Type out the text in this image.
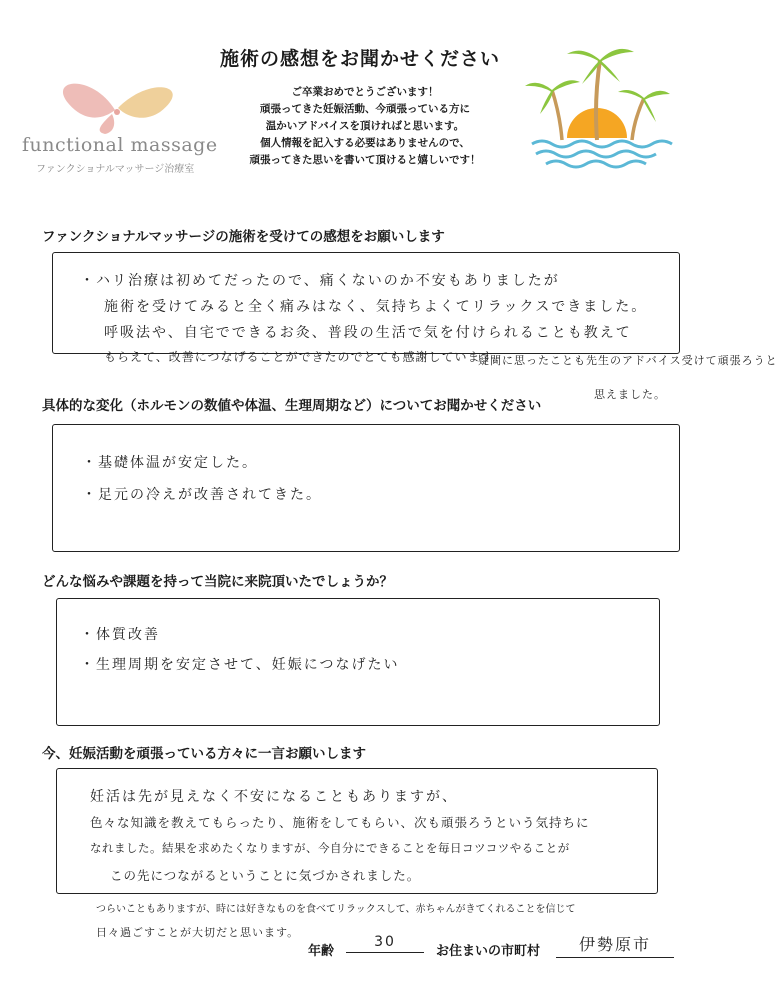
施術の感想をお聞かせください
ご卒業おめでとうございます！
頑張ってきた妊娠活動、今頑張っている方に
温かいアドバイスを頂ければと思います。
個人情報を記入する必要はありませんので、
頑張ってきた思いを書いて頂けると嬉しいです！
functional massage
ファンクショナルマッサージ治療室
ファンクショナルマッサージの施術を受けての感想をお願いします
・ハリ治療は初めてだったので、痛くないのか不安もありましたが
施術を受けてみると全く痛みはなく、気持ちよくてリラックスできました。
呼吸法や、自宅でできるお灸、普段の生活で気を付けられることも教えて
もらえて、改善につなげることができたのでとても感謝しています。
疑問に思ったことも先生のアドバイス受けて頑張ろうと
思えました。
具体的な変化（ホルモンの数値や体温、生理周期など）についてお聞かせください
・基礎体温が安定した。
・足元の冷えが改善されてきた。
どんな悩みや課題を持って当院に来院頂いたでしょうか？
・体質改善
・生理周期を安定させて、妊娠につなげたい
今、妊娠活動を頑張っている方々に一言お願いします
妊活は先が見えなく不安になることもありますが、
色々な知識を教えてもらったり、施術をしてもらい、次も頑張ろうという気持ちに
なれました。結果を求めたくなりますが、今自分にできることを毎日コツコツやることが
この先につながるということに気づかされました。
つらいこともありますが、時には好きなものを食べてリラックスして、赤ちゃんがきてくれることを信じて
日々過ごすことが大切だと思います。
年齢
30
お住まいの市町村	伊勢原市
